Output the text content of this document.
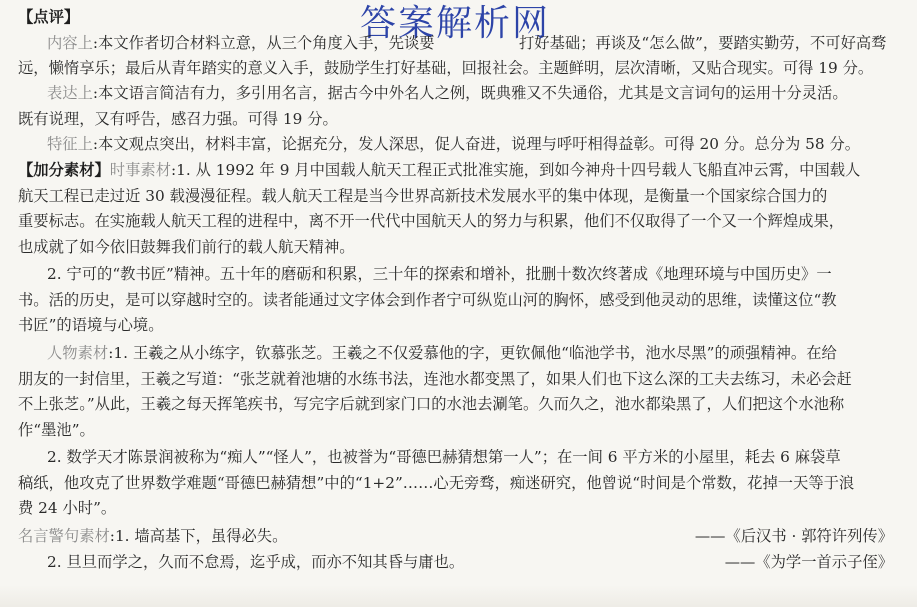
【点评】	答案解析网
内容上:本文作者切合材料立意，从三个角度入手，先谈要	打好基础；再谈及“怎么做”，要踏实勤劳，不可好高骛
远，懒惰享乐；最后从青年踏实的意义入手，鼓励学生打好基础，回报社会。主题鲜明，层次清晰，又贴合现实。可得 19 分。
表达上:本文语言简洁有力，多引用名言，据古今中外名人之例，既典雅又不失通俗，尤其是文言词句的运用十分灵活。
既有说理，又有呼告，感召力强。可得 19 分。
特征上:本文观点突出，材料丰富，论据充分，发人深思，促人奋进，说理与呼吁相得益彰。可得 20 分。总分为 58 分。
【加分素材】时事素材:1. 从 1992 年 9 月中国载人航天工程正式批准实施，到如今神舟十四号载人飞船直冲云霄，中国载人
航天工程已走过近 30 载漫漫征程。载人航天工程是当今世界高新技术发展水平的集中体现，是衡量一个国家综合国力的
重要标志。在实施载人航天工程的进程中，离不开一代代中国航天人的努力与积累，他们不仅取得了一个又一个辉煌成果，
也成就了如今依旧鼓舞我们前行的载人航天精神。
2. 宁可的“教书匠”精神。五十年的磨砺和积累，三十年的探索和增补，批删十数次终著成《地理环境与中国历史》一
书。活的历史，是可以穿越时空的。读者能通过文字体会到作者宁可纵览山河的胸怀，感受到他灵动的思维，读懂这位“教
书匠”的语境与心境。
人物素材:1. 王羲之从小练字，钦慕张芝。王羲之不仅爱慕他的字，更钦佩他“临池学书，池水尽黑”的顽强精神。在给
朋友的一封信里，王羲之写道：“张芝就着池塘的水练书法，连池水都变黑了，如果人们也下这么深的工夫去练习，未必会赶
不上张芝。”从此，王羲之每天挥笔疾书，写完字后就到家门口的水池去涮笔。久而久之，池水都染黑了，人们把这个水池称
作“墨池”。
2. 数学天才陈景润被称为“痴人”“怪人”，也被誉为“哥德巴赫猜想第一人”；在一间 6 平方米的小屋里，耗去 6 麻袋草
稿纸，他攻克了世界数学难题“哥德巴赫猜想”中的“1+2”……心无旁骛，痴迷研究，他曾说“时间是个常数，花掉一天等于浪
费 24 小时”。
名言警句素材:1. 墙高基下，虽得必失。	——《后汉书 · 郭符许列传》
2. 旦旦而学之，久而不怠焉，迄乎成，而亦不知其昏与庸也。	——《为学一首示子侄》
